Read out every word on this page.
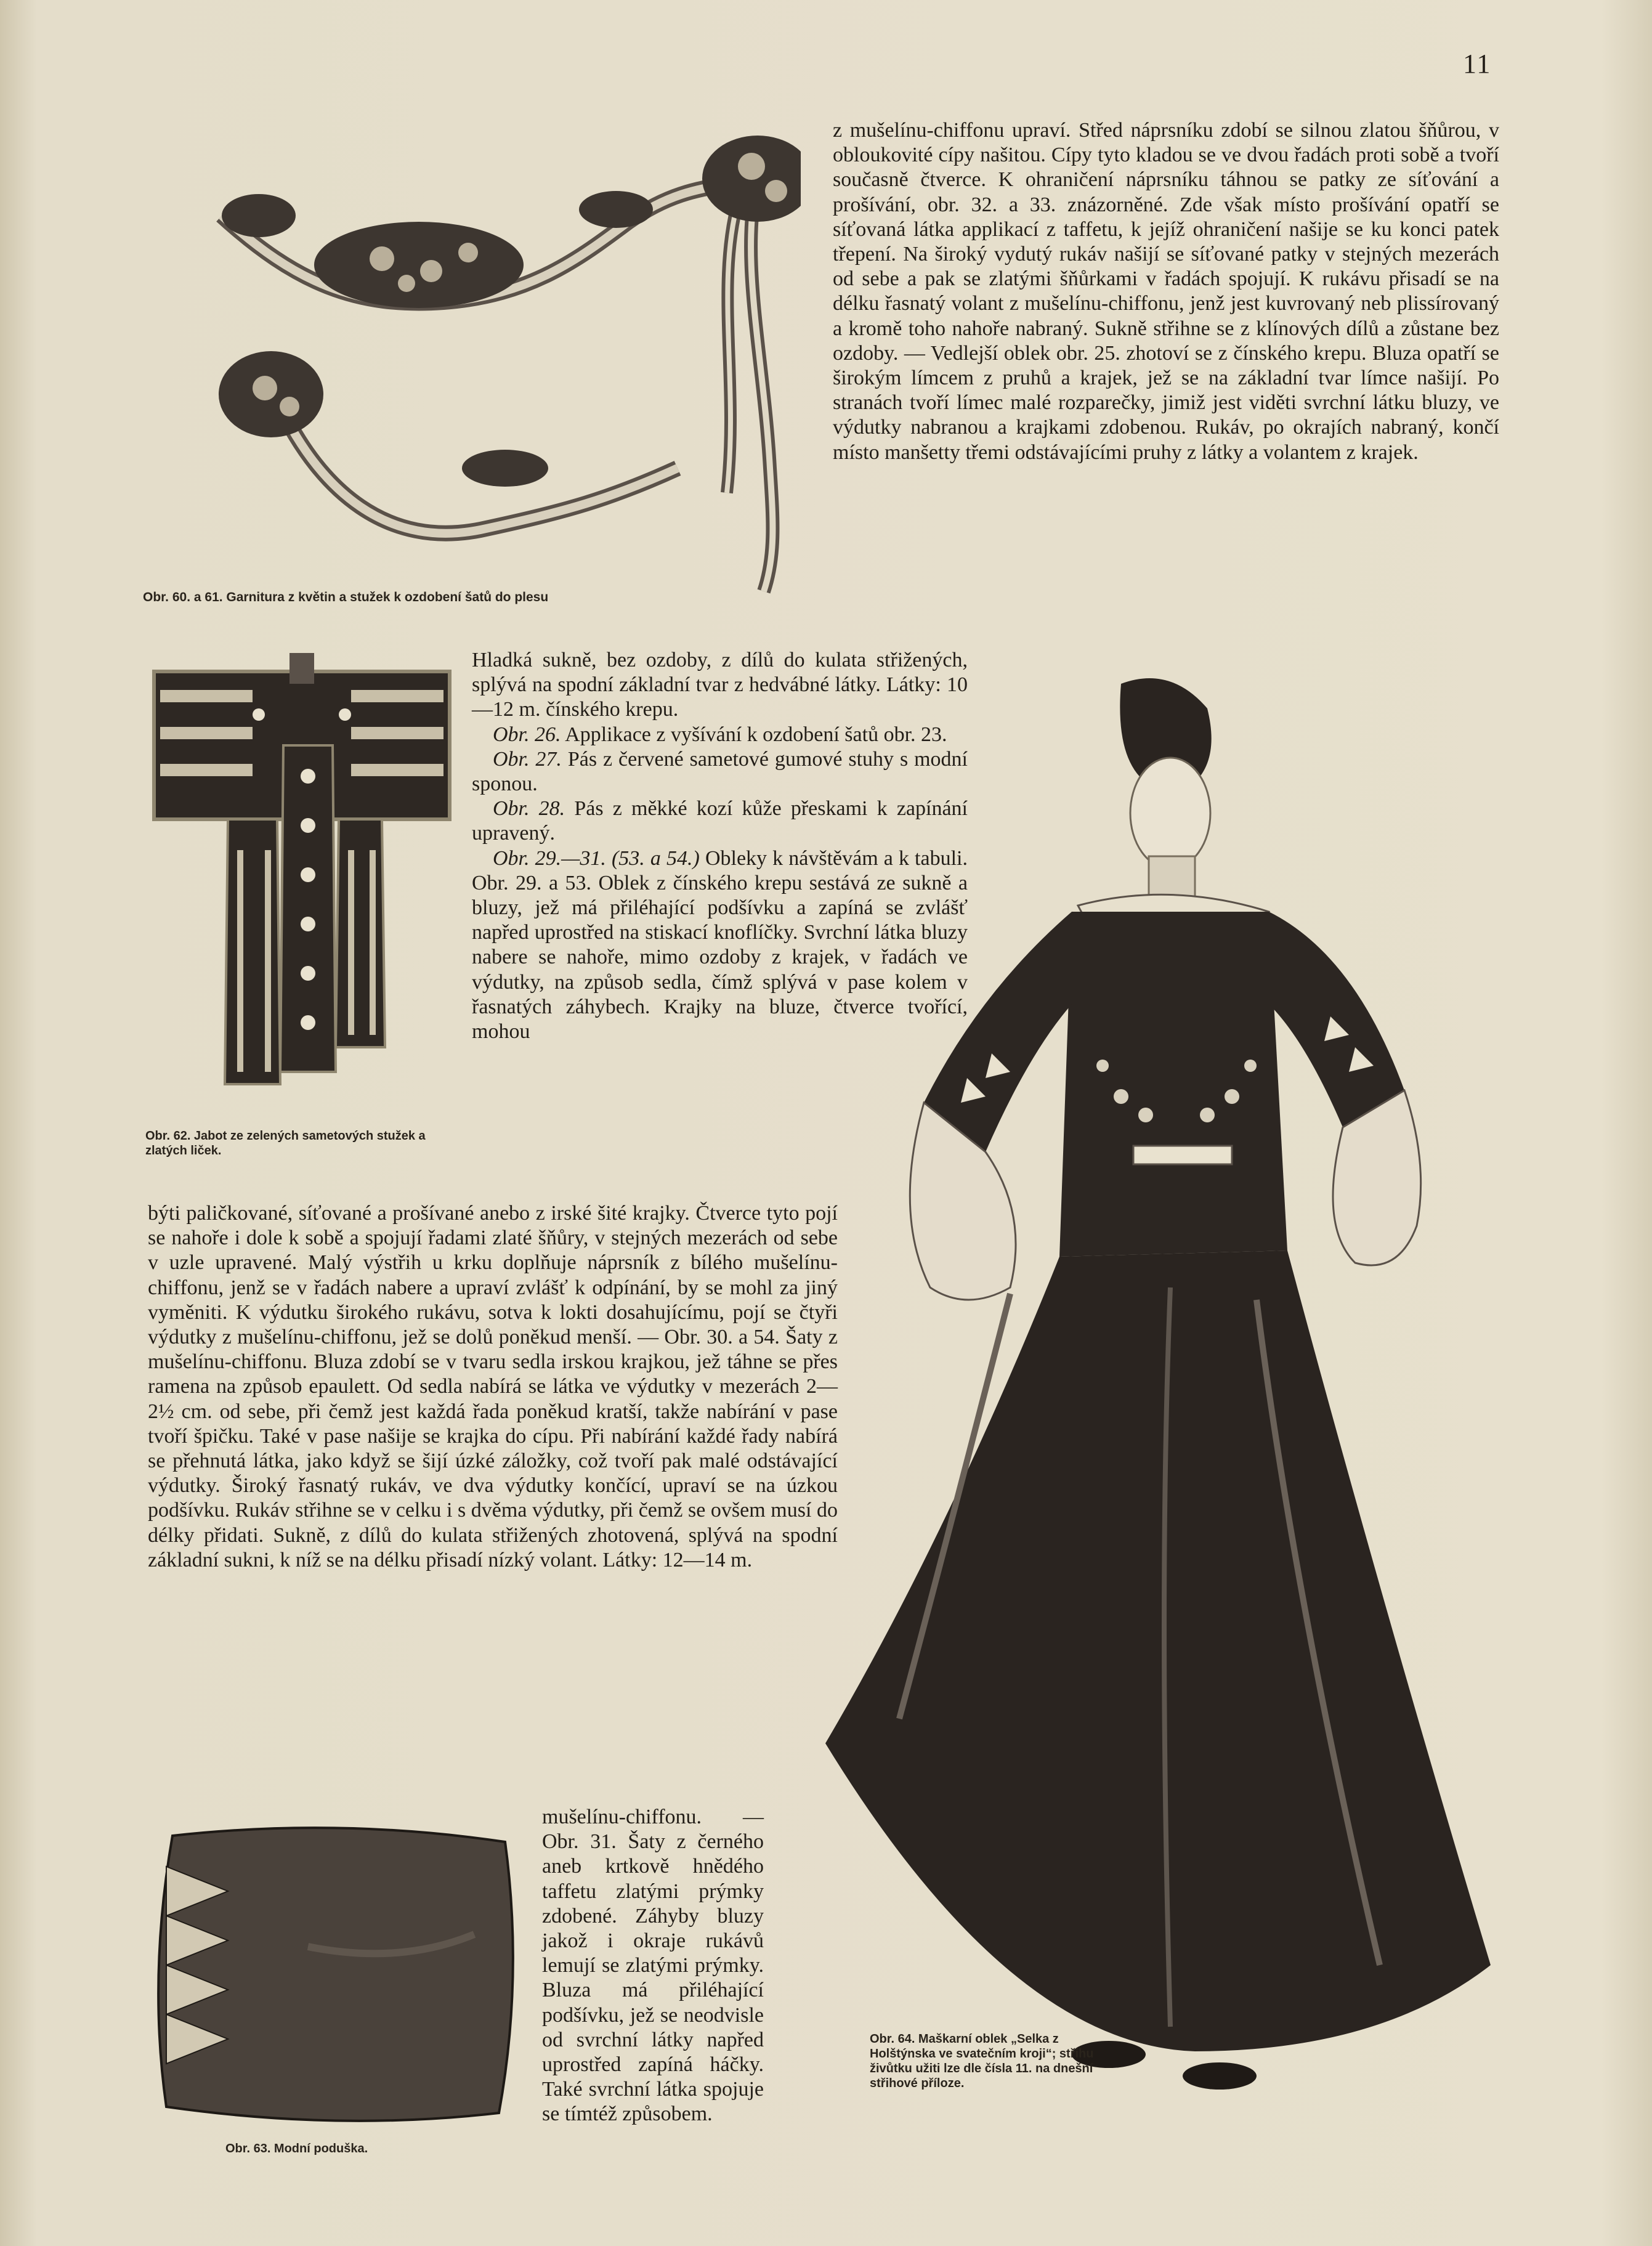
11
Obr. 60. a 61. Garnitura z květin a stužek k ozdobení šatů do plesu
z mušelínu-chiffonu upraví. Střed náprsníku zdobí se silnou zlatou šňůrou, v obloukovité cípy našitou. Cípy tyto kladou se ve dvou řadách proti sobě a tvoří současně čtverce. K ohraničení náprsníku táhnou se patky ze síťování a prošívání, obr. 32. a 33. znázorněné. Zde však místo prošívání opatří se síťovaná látka applikací z taffetu, k jejíž ohraničení našije se ku konci patek třepení. Na široký vydutý rukáv našijí se síťované patky v stejných mezerách od sebe a pak se zlatými šňůrkami v řadách spojují. K rukávu přisadí se na délku řasnatý volant z mušelínu-chiffonu, jenž jest kuvrovaný neb plissírovaný a kromě toho nahoře nabraný. Sukně střihne se z klínových dílů a zůstane bez ozdoby. — Vedlejší oblek obr. 25. zhotoví se z čínského krepu. Bluza opatří se širokým límcem z pruhů a krajek, jež se na základní tvar límce našijí. Po stranách tvoří límec malé rozparečky, jimiž jest viděti svrchní látku bluzy, ve výdutky nabranou a krajkami zdobenou. Rukáv, po okrajích nabraný, končí místo manšetty třemi odstávajícími pruhy z látky a volantem z krajek.
Obr. 62. Jabot ze zelených sametových stužek a zlatých liček.

Hladká sukně, bez ozdoby, z dílů do kulata střižených, splývá na spodní základní tvar z hedvábné látky. Látky: 10—12 m. čínského krepu.

 Obr. 26. Applikace z vyšívání k ozdobení šatů obr. 23.

 Obr. 27. Pás z červené sametové gumové stuhy s modní sponou.

 Obr. 28. Pás z měkké kozí kůže přeskami k zapínání upravený.

 Obr. 29.—31. (53. a 54.) Obleky k návštěvám a k tabuli. Obr. 29. a 53. Oblek z čínského krepu sestává ze sukně a bluzy, jež má přiléhající podšívku a zapíná se zvlášť napřed uprostřed na stiskací knoflíčky. Svrchní látka bluzy nabere se nahoře, mimo ozdoby z krajek, v řadách ve výdutky, na způsob sedla, čímž splývá v pase kolem v řasnatých záhybech. Krajky na bluze, čtverce tvořící, mohou

býti paličkované, síťované a prošívané anebo z irské šité krajky. Čtverce tyto pojí se nahoře i dole k sobě a spojují řadami zlaté šňůry, v stejných mezerách od sebe v uzle upravené. Malý výstřih u krku doplňuje náprsník z bílého mušelínu-chiffonu, jenž se v řadách nabere a upraví zvlášť k odpínání, by se mohl za jiný vyměniti. K výdutku širokého rukávu, sotva k lokti dosahujícímu, pojí se čtyři výdutky z mušelínu-chiffonu, jež se dolů poněkud menší. — Obr. 30. a 54. Šaty z mušelínu-chiffonu. Bluza zdobí se v tvaru sedla irskou krajkou, jež táhne se přes ramena na způsob epaulett. Od sedla nabírá se látka ve výdutky v mezerách 2—2½ cm. od sebe, při čemž jest každá řada poněkud kratší, takže nabírání v pase tvoří špičku. Také v pase našije se krajka do cípu. Při nabírání každé řady nabírá se přehnutá látka, jako když se šijí úzké záložky, což tvoří pak malé odstávající výdutky. Široký řasnatý rukáv, ve dva výdutky končící, upraví se na úzkou podšívku. Rukáv střihne se v celku i s dvěma výdutky, při čemž se ovšem musí do délky přidati. Sukně, z dílů do kulata střižených zhotovená, splývá na spodní základní sukni, k níž se na délku přisadí nízký volant. Látky: 12—14 m.
Obr. 63. Modní poduška.
mušelínu-chiffonu. — Obr. 31. Šaty z černého aneb krtkově hnědého taffetu zlatými prýmky zdobené. Záhyby bluzy jakož i okraje rukávů lemují se zlatými prýmky. Bluza má přiléhající podšívku, jež se neodvisle od svrchní látky napřed uprostřed zapíná háčky. Také svrchní látka spojuje se tímtéž způsobem.
Obr. 64. Maškarní oblek „Selka z Holštýnska ve svatečním kroji“; střihu živůtku užiti lze dle čísla 11. na dnešní střihové příloze.
